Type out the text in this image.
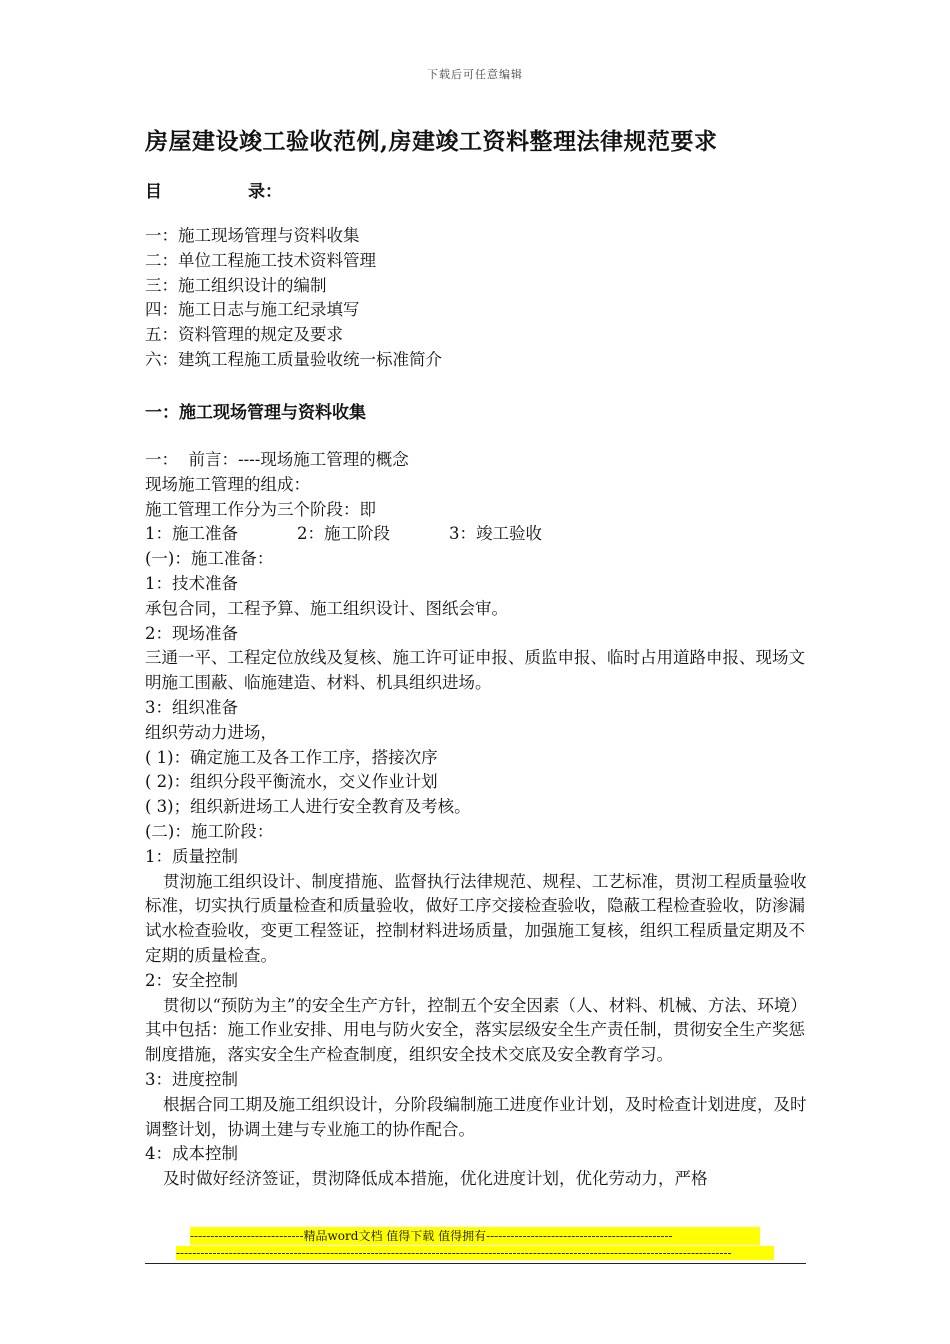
下载后可任意编辑
房屋建设竣工验收范例,房建竣工资料整理法律规范要求
目	录：
一：施工现场管理与资料收集
二：单位工程施工技术资料管理
三：施工组织设计的编制
四：施工日志与施工纪录填写
五：资料管理的规定及要求
六：建筑工程施工质量验收统一标准简介
一：施工现场管理与资料收集
一：  前言：----现场施工管理的概念
现场施工管理的组成：
施工管理工作分为三个阶段：即
1：施工准备	2：施工阶段	3：竣工验收
(一)：施工准备：
1：技术准备
承包合同，工程予算、施工组织设计、图纸会审。
2：现场准备
三通一平、工程定位放线及复核、施工许可证申报、质监申报、临时占用道路申报、现场文明施工围蔽、临施建造、材料、机具组织进场。
3：组织准备
组织劳动力进场，
( 1)：确定施工及各工作工序，搭接次序
( 2)：组织分段平衡流水，交义作业计划
( 3)；组织新进场工人进行安全教育及考核。
(二)：施工阶段：
1：质量控制
贯沏施工组织设计、制度措施、监督执行法律规范、规程、工艺标准，贯沏工程质量验收标准，切实执行质量检查和质量验收，做好工序交接检查验收，隐蔽工程检查验收，防渗漏试水检查验收，变更工程签证，控制材料进场质量，加强施工复核，组织工程质量定期及不定期的质量检查。
2：安全控制
贯彻以“预防为主”的安全生产方针，控制五个安全因素（人、材料、机械、方法、环境）其中包括：施工作业安排、用电与防火安全，落实层级安全生产责任制，贯彻安全生产奖惩制度措施，落实安全生产检查制度，组织安全技术交底及安全教育学习。
3：进度控制
根据合同工期及施工组织设计，分阶段编制施工进度作业计划，及时检查计划进度，及时调整计划，协调土建与专业施工的协作配合。
4：成本控制
及时做好经济签证，贯沏降低成本措施，优化进度计划，优化劳动力，严格
----------------------------精品word文档 值得下载 值得拥有----------------------------------------------
-----------------------------------------------------------------------------------------------------------------------------------------
